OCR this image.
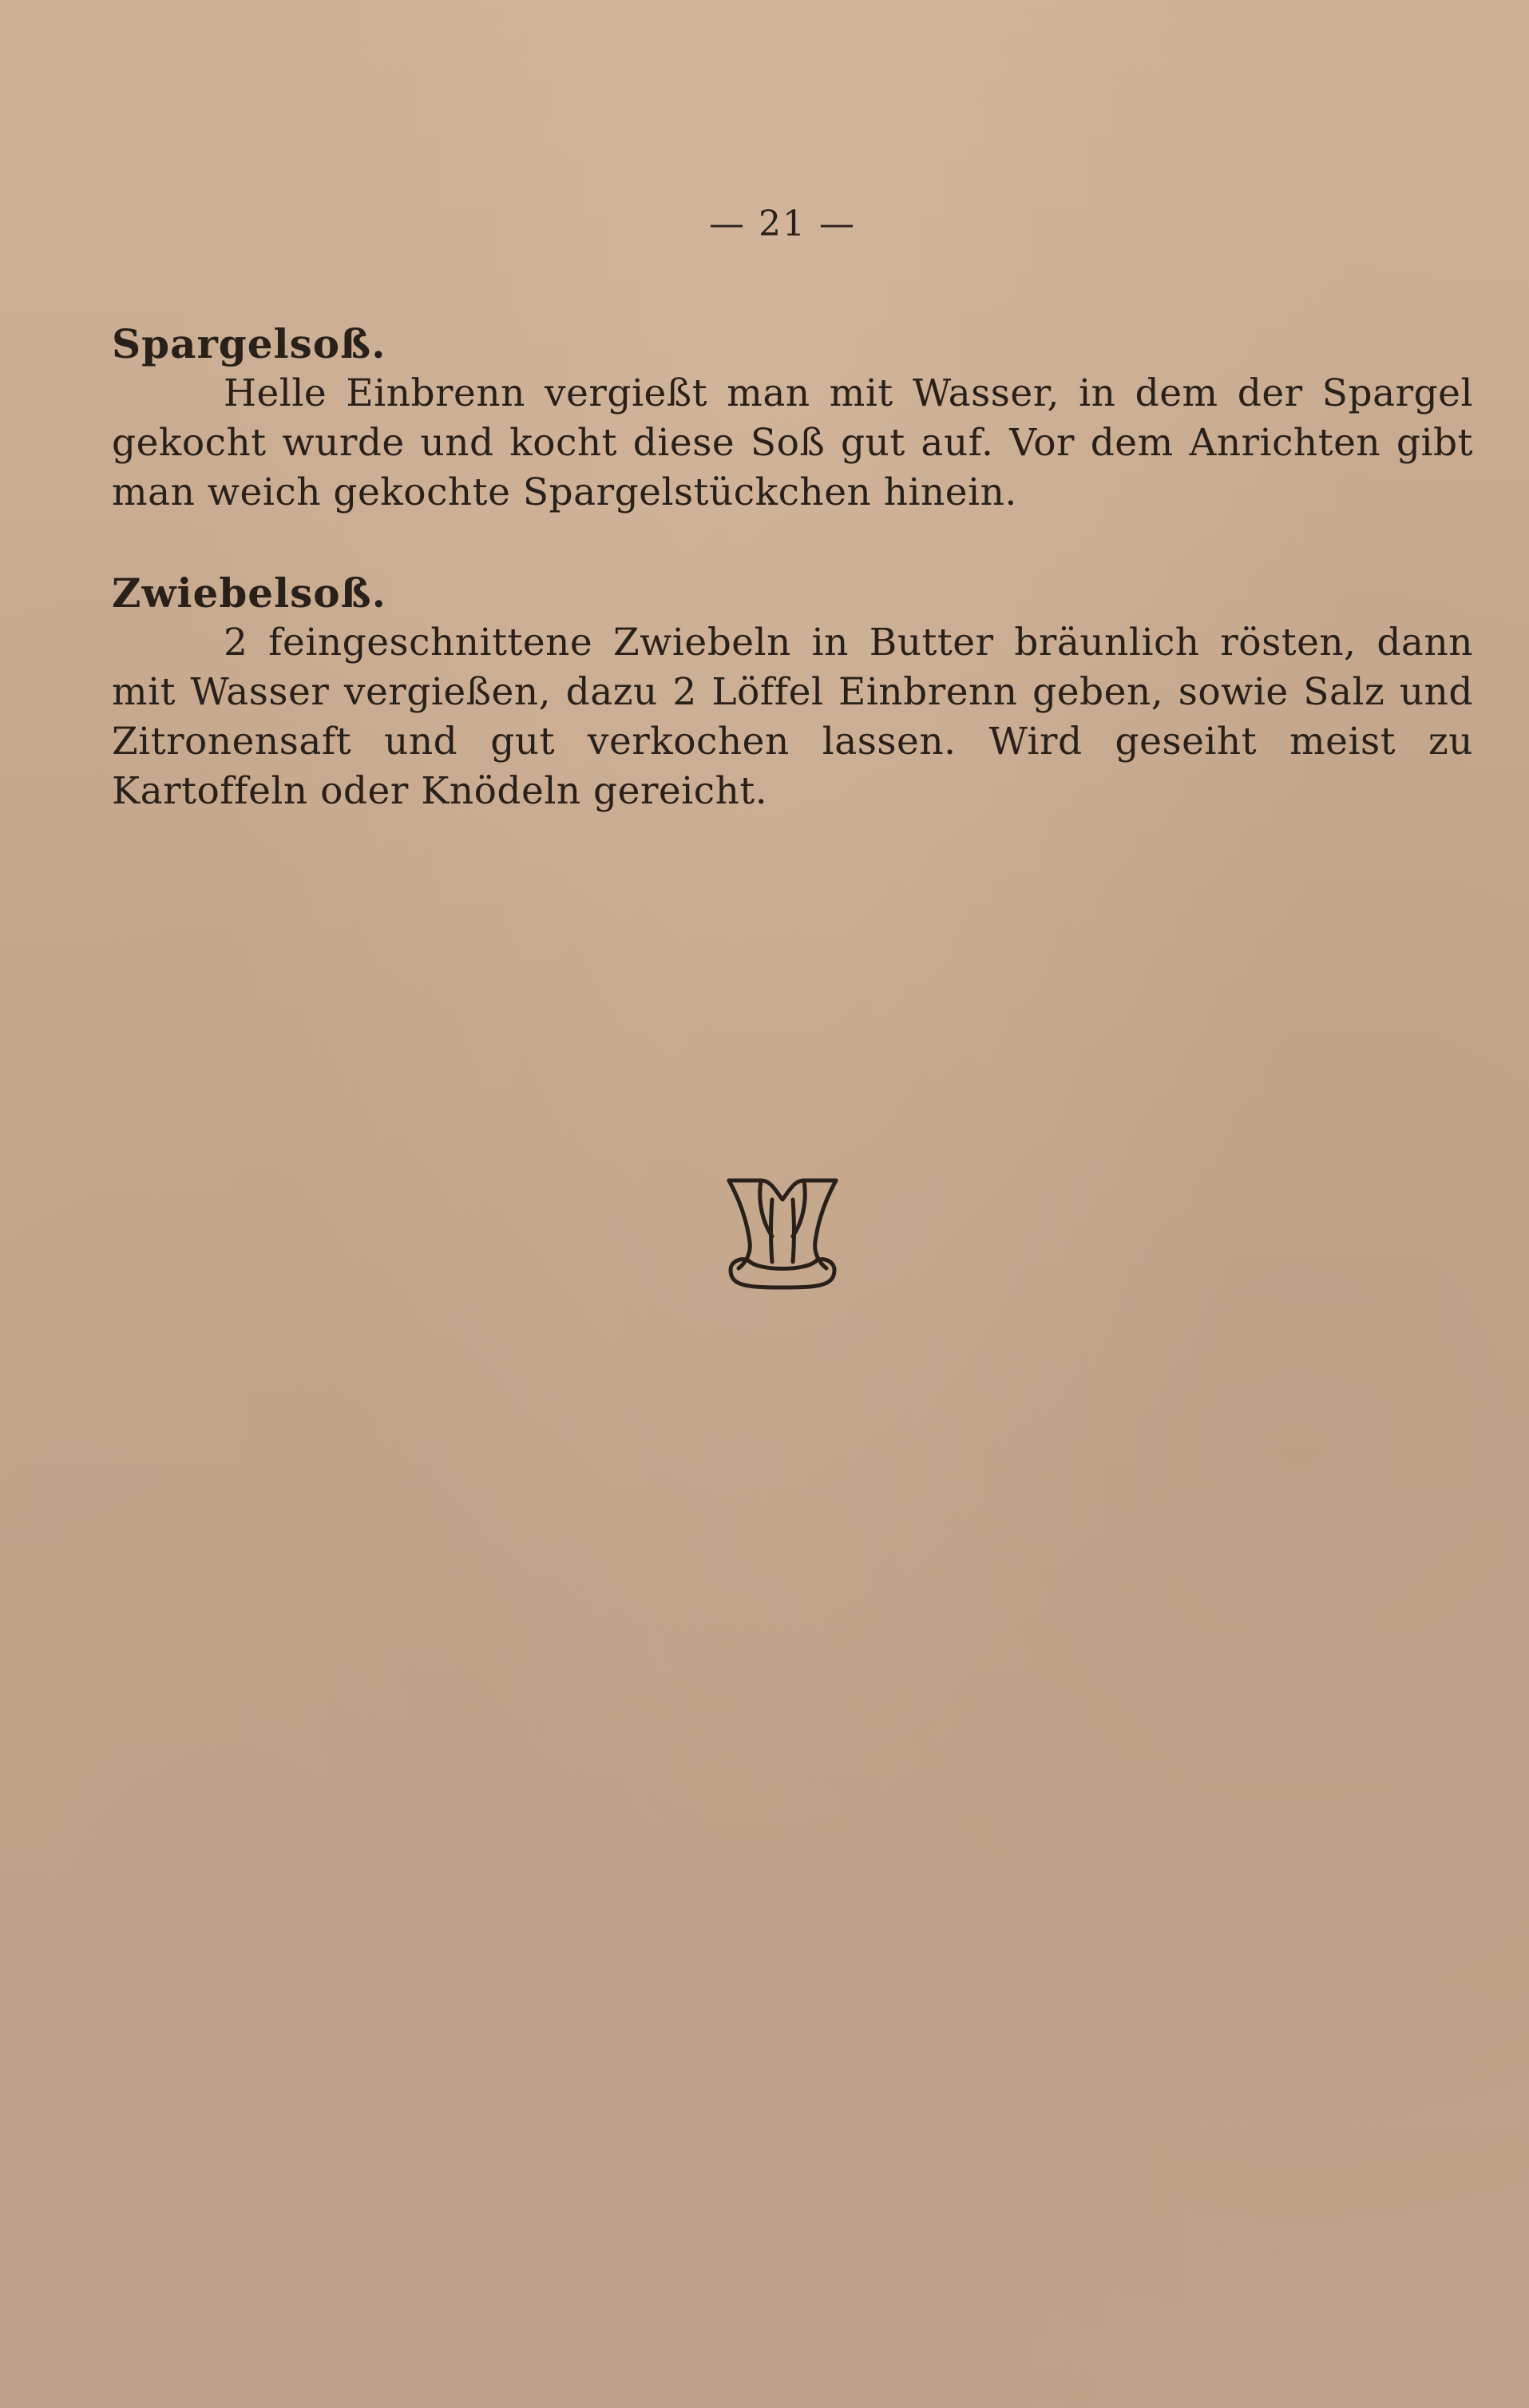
— 21 —

Spargelsoß.

Helle Einbrenn vergießt man mit Wasser, in dem der Spargel gekocht wurde und kocht diese Soß gut auf. Vor dem Anrichten gibt man weich gekochte Spargelstückchen hinein.

Zwiebelsoß.

2 feingeschnittene Zwiebeln in Butter bräunlich rösten, dann mit Wasser vergießen, dazu 2 Löffel Einbrenn geben, sowie Salz und Zitronensaft und gut verkochen lassen. Wird geseiht meist zu Kartoffeln oder Knödeln gereicht.
